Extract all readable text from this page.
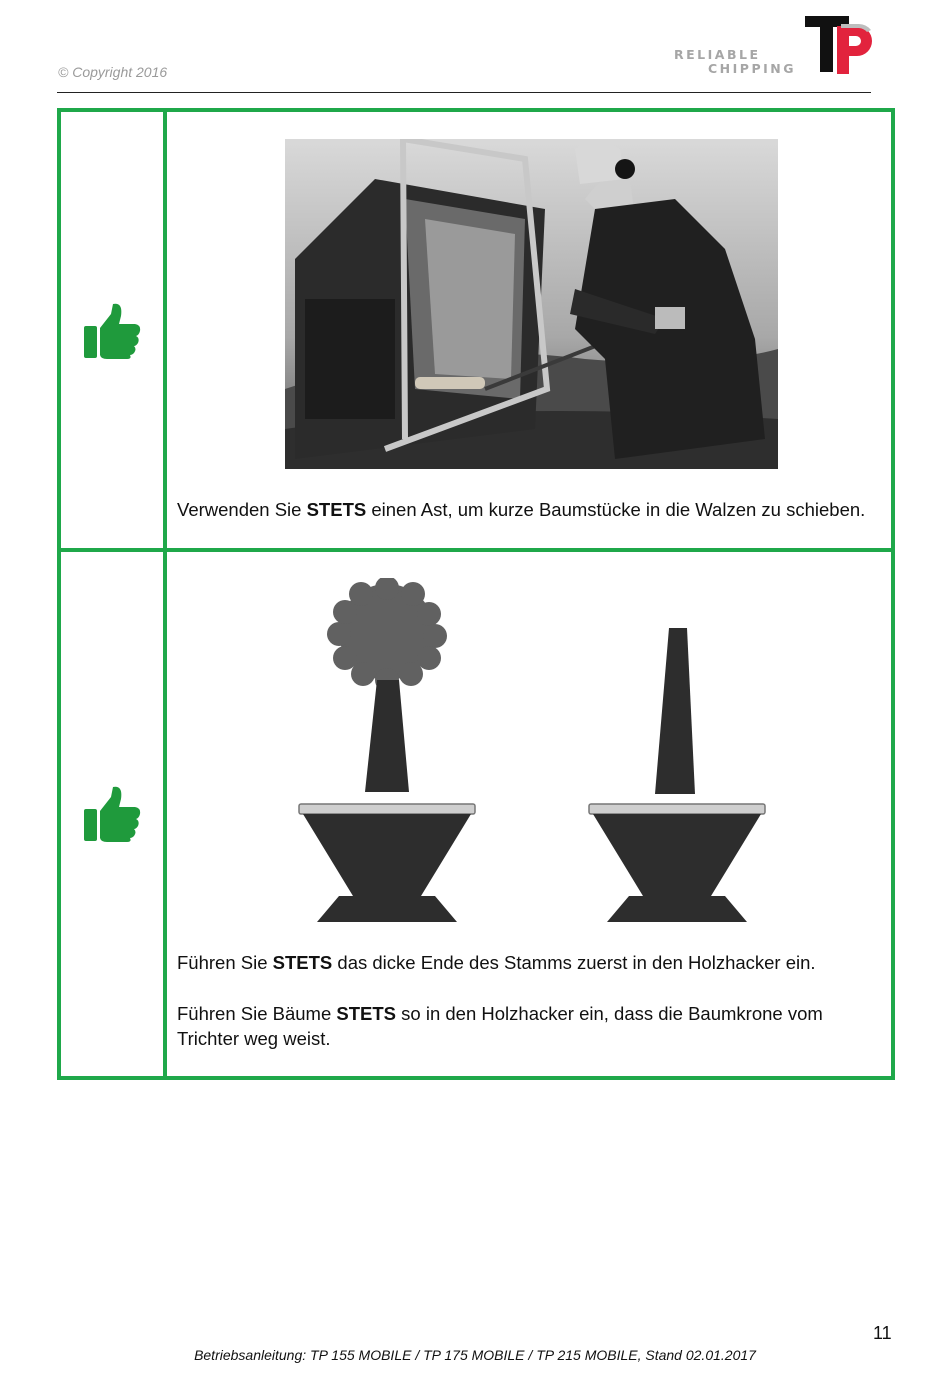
© Copyright 2016
RELIABLE
CHIPPING
Verwenden Sie STETS einen Ast, um kurze Baumstücke in die Walzen zu schieben.
Führen Sie STETS das dicke Ende des Stamms zuerst in den Holzhacker ein.
Führen Sie Bäume STETS so in den Holzhacker ein, dass die Baumkrone vom Trichter weg weist.
11
Betriebsanleitung: TP 155 MOBILE / TP 175 MOBILE / TP 215 MOBILE, Stand 02.01.2017
